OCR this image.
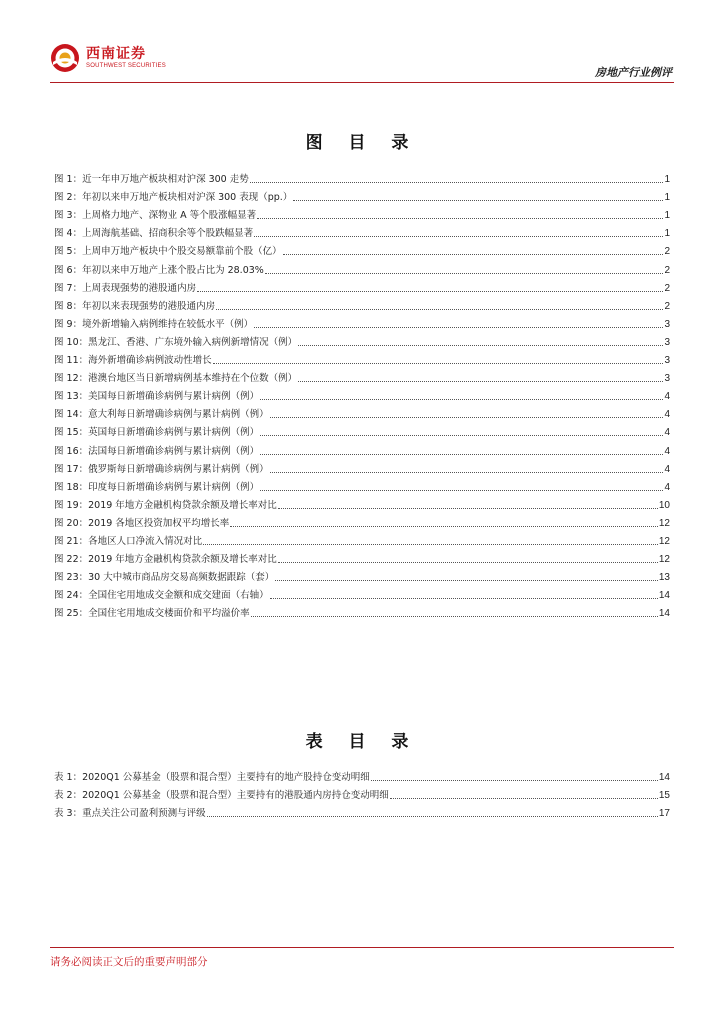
西南证券
SOUTHWEST SECURITIES	房地产行业例评
图 目 录
图 1：近一年申万地产板块相对沪深 300 走势	1
图 2：年初以来申万地产板块相对沪深 300 表现（pp.）	1
图 3：上周格力地产、深物业 A 等个股涨幅显著	1
图 4：上周海航基础、招商积余等个股跌幅显著	1
图 5：上周申万地产板块中个股交易额靠前个股（亿）	2
图 6：年初以来申万地产上涨个股占比为 28.03%	2
图 7：上周表现强势的港股通内房	2
图 8：年初以来表现强势的港股通内房	2
图 9：境外新增输入病例维持在较低水平（例）	3
图 10：黑龙江、香港、广东境外输入病例新增情况（例）	3
图 11：海外新增确诊病例波动性增长	3
图 12：港澳台地区当日新增病例基本维持在个位数（例）	3
图 13：美国每日新增确诊病例与累计病例（例）	4
图 14：意大利每日新增确诊病例与累计病例（例）	4
图 15：英国每日新增确诊病例与累计病例（例）	4
图 16：法国每日新增确诊病例与累计病例（例）	4
图 17：俄罗斯每日新增确诊病例与累计病例（例）	4
图 18：印度每日新增确诊病例与累计病例（例）	4
图 19：2019 年地方金融机构贷款余额及增长率对比	10
图 20：2019 各地区投资加权平均增长率	12
图 21：各地区人口净流入情况对比	12
图 22：2019 年地方金融机构贷款余额及增长率对比	12
图 23：30 大中城市商品房交易高频数据跟踪（套）	13
图 24：全国住宅用地成交金额和成交建面（右轴）	14
图 25：全国住宅用地成交楼面价和平均溢价率	14
表 目 录
表 1：2020Q1 公募基金（股票和混合型）主要持有的地产股持仓变动明细	14
表 2：2020Q1 公募基金（股票和混合型）主要持有的港股通内房持仓变动明细	15
表 3：重点关注公司盈利预测与评级	17
请务必阅读正文后的重要声明部分
